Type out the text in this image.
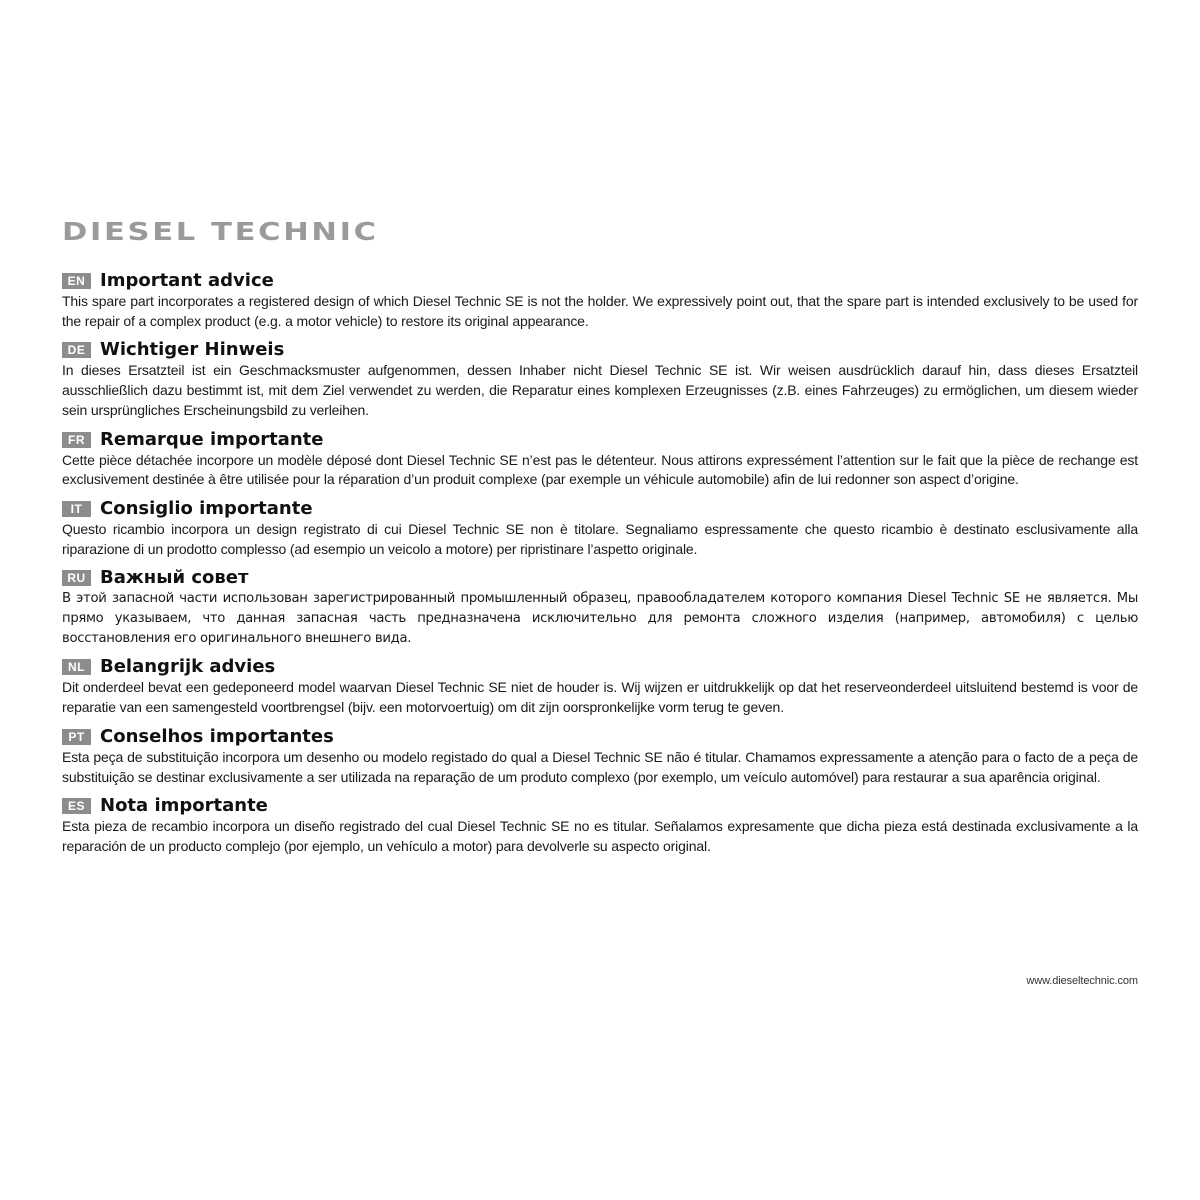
DIESEL TECHNIC
EN Important advice

This spare part incorporates a registered design of which Diesel Technic SE is not the holder. We expressively point out, that the spare part is intended exclusively to be used for the repair of a complex product (e.g. a motor vehicle) to restore its original appearance.

DE Wichtiger Hinweis

In dieses Ersatzteil ist ein Geschmacksmuster aufgenommen, dessen Inhaber nicht Diesel Technic SE ist. Wir weisen ausdrücklich darauf hin, dass dieses Ersatzteil ausschließlich dazu bestimmt ist, mit dem Ziel verwendet zu werden, die Reparatur eines komplexen Erzeugnisses (z.B. eines Fahrzeuges) zu ermöglichen, um diesem wieder sein ursprüngliches Erscheinungsbild zu verleihen.

FR Remarque importante

Cette pièce détachée incorpore un modèle déposé dont Diesel Technic SE n’est pas le détenteur. Nous attirons expressément l’attention sur le fait que la pièce de rechange est exclusivement destinée à être utilisée pour la réparation d’un produit complexe (par exemple un véhicule automobile) afin de lui redonner son aspect d’origine.

IT Consiglio importante

Questo ricambio incorpora un design registrato di cui Diesel Technic SE non è titolare. Segnaliamo espressamente che questo ricambio è destinato esclusivamente alla riparazione di un prodotto complesso (ad esempio un veicolo a motore) per ripristinare l’aspetto originale.

RU Важный совет

В этой запасной части использован зарегистрированный промышленный образец, правообладателем которого компания Diesel Technic SE не является. Мы прямо указываем, что данная запасная часть предназначена исключительно для ремонта сложного изделия (например, автомобиля) с целью восстановления его оригинального внешнего вида.

NL Belangrijk advies

Dit onderdeel bevat een gedeponeerd model waarvan Diesel Technic SE niet de houder is. Wij wijzen er uitdrukkelijk op dat het reserveonderdeel uitsluitend bestemd is voor de reparatie van een samengesteld voortbrengsel (bijv. een motorvoertuig) om dit zijn oorspronkelijke vorm terug te geven.

PT Conselhos importantes

Esta peça de substituição incorpora um desenho ou modelo registado do qual a Diesel Technic SE não é titular. Chamamos expressamente a atenção para o facto de a peça de substituição se destinar exclusivamente a ser utilizada na reparação de um produto complexo (por exemplo, um veículo automóvel) para restaurar a sua aparência original.

ES Nota importante

Esta pieza de recambio incorpora un diseño registrado del cual Diesel Technic SE no es titular. Señalamos expresamente que dicha pieza está destinada exclusivamente a la reparación de un producto complejo (por ejemplo, un vehículo a motor) para devolverle su aspecto original.

www.dieseltechnic.com
